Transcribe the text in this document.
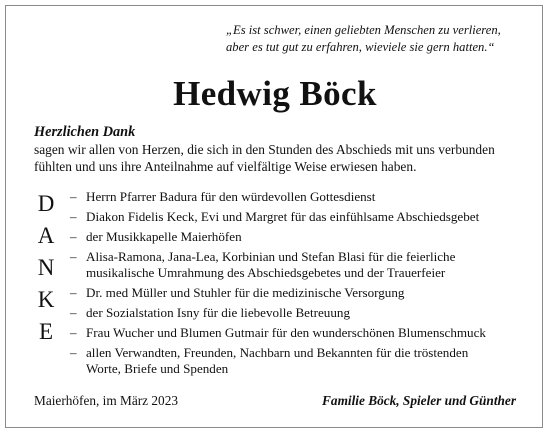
„Es ist schwer, einen geliebten Menschen zu verlieren,
aber es tut gut zu erfahren, wieviele sie gern hatten.“
Hedwig Böck
Herzlichen Dank
sagen wir allen von Herzen, die sich in den Stunden des Abschieds mit uns verbunden
fühlten und uns ihre Anteilnahme auf vielfältige Weise erwiesen haben.
D
A
N
K
E
– Herrn Pfarrer Badura für den würdevollen Gottesdienst
– Diakon Fidelis Keck, Evi und Margret für das einfühlsame Abschiedsgebet
– der Musikkapelle Maierhöfen
– Alisa-Ramona, Jana-Lea, Korbinian und Stefan Blasi für die feierliche
musikalische Umrahmung des Abschiedsgebetes und der Trauerfeier
– Dr. med Müller und Stuhler für die medizinische Versorgung
– der Sozialstation Isny für die liebevolle Betreuung
– Frau Wucher und Blumen Gutmair für den wunderschönen Blumenschmuck
– allen Verwandten, Freunden, Nachbarn und Bekannten für die tröstenden
Worte, Briefe und Spenden
Maierhöfen, im März 2023	Familie Böck, Spieler und Günther
